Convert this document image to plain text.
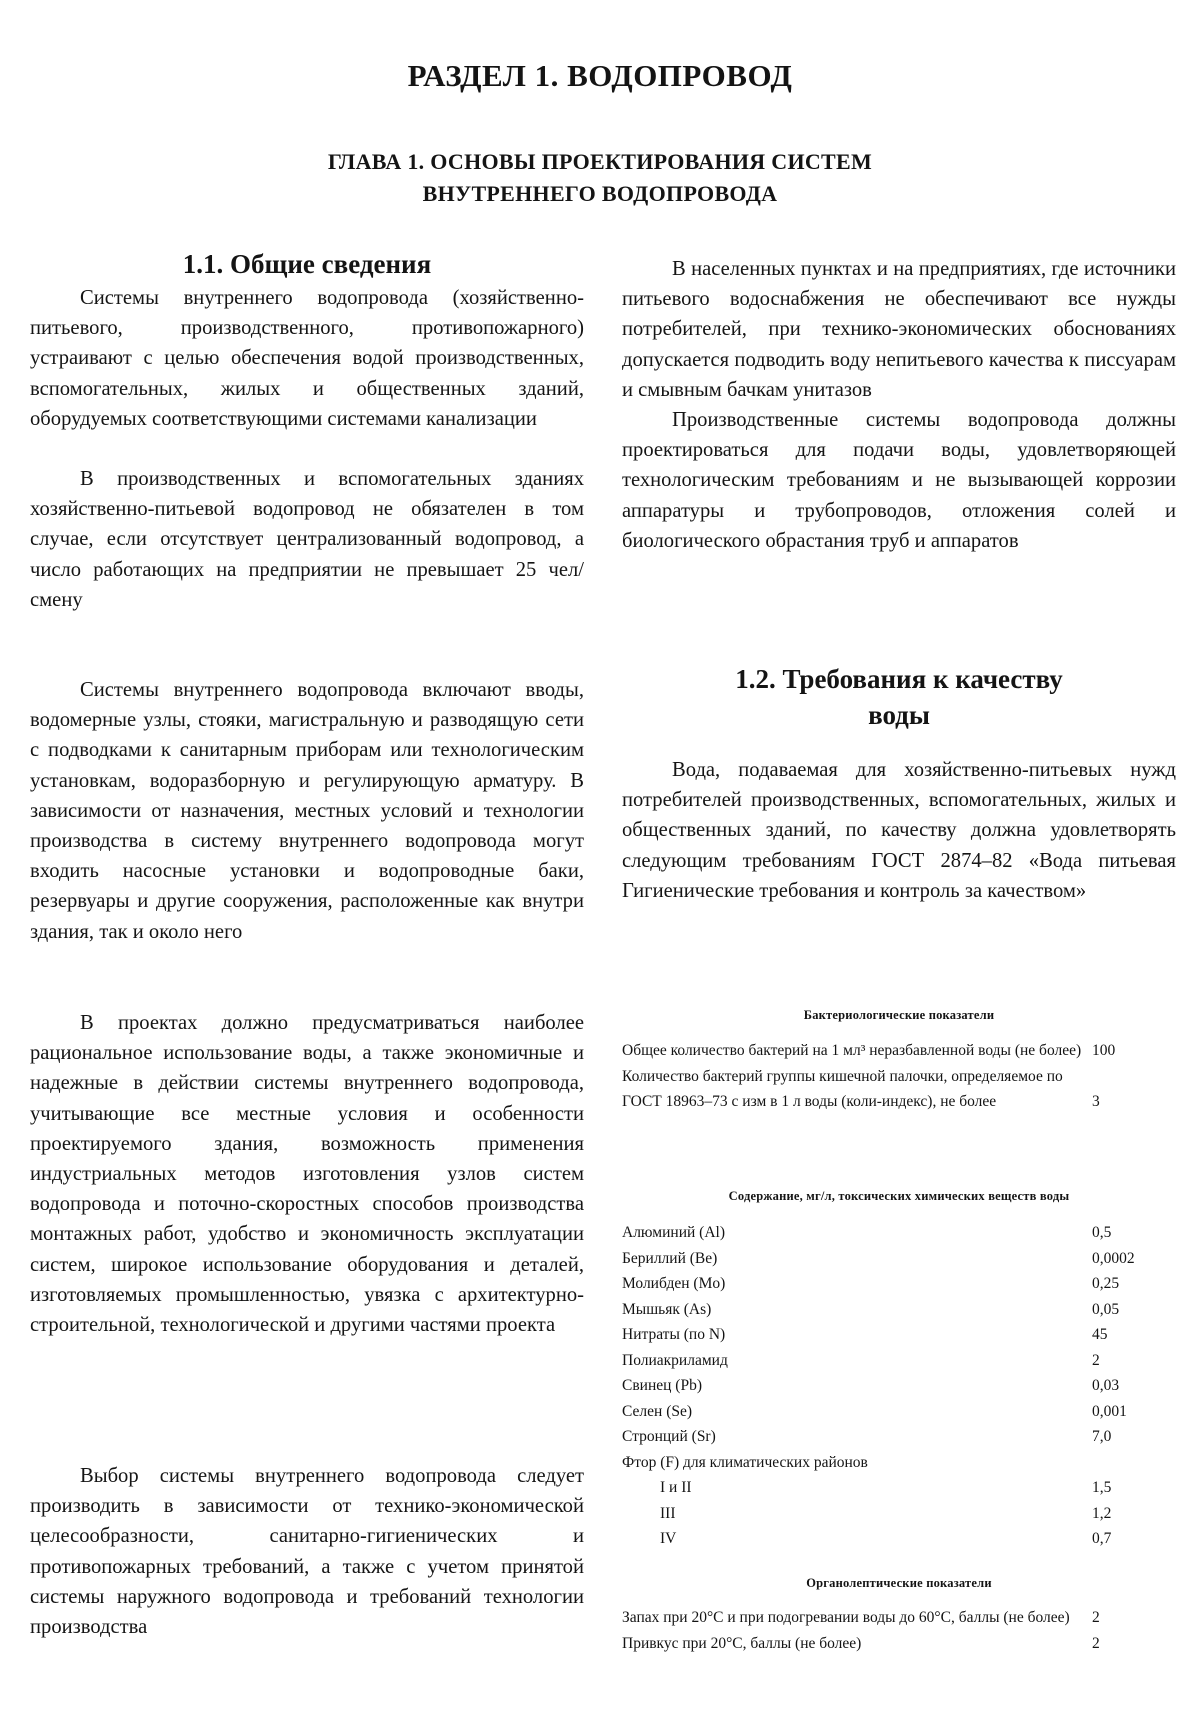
РАЗДЕЛ 1. ВОДОПРОВОД
ГЛАВА 1. ОСНОВЫ ПРОЕКТИРОВАНИЯ СИСТЕМ
ВНУТРЕННЕГО ВОДОПРОВОДА
1.1. Общие сведения

Системы внутреннего водопровода (хозяйственно-питьевого, производственного, противопожарного) устраивают с целью обеспечения водой производственных, вспомогательных, жилых и общественных зданий, оборудуемых соответствующими системами канализации

В производственных и вспомогательных зданиях хозяйственно-питьевой водопровод не обязателен в том случае, если отсутствует централизованный водопровод, а число работающих на предприятии не превышает 25 чел/смену

Системы внутреннего водопровода включают вводы, водомерные узлы, стояки, магистральную и разводящую сети с подводками к санитарным приборам или технологическим установкам, водоразборную и регулирующую арматуру. В зависимости от назначения, местных условий и технологии производства в систему внутреннего водопровода могут входить насосные установки и водопроводные баки, резервуары и другие сооружения, расположенные как внутри здания, так и около него

В проектах должно предусматриваться наиболее рациональное использование воды, а также экономичные и надежные в действии системы внутреннего водопровода, учитывающие все местные условия и особенности проектируемого здания, возможность применения индустриальных методов изготовления узлов систем водопровода и поточно-скоростных способов производства монтажных работ, удобство и экономичность эксплуатации систем, широкое использование оборудования и деталей, изготовляемых промышленностью, увязка с архитектурно-строительной, технологической и другими частями проекта

Выбор системы внутреннего водопровода следует производить в зависимости от технико-экономической целесообразности, санитарно-гигиенических и противопожарных требований, а также с учетом принятой системы наружного водопровода и требований технологии производства

В населенных пунктах и на предприятиях, где источники питьевого водоснабжения не обеспечивают все нужды потребителей, при технико-экономических обоснованиях допускается подводить воду непитьевого качества к писсуарам и смывным бачкам унитазов

Производственные системы водопровода должны проектироваться для подачи воды, удовлетворяющей технологическим требованиям и не вызывающей коррозии аппаратуры и трубопроводов, отложения солей и биологического обрастания труб и аппаратов

1.2. Требования к качеству
воды

Вода, подаваемая для хозяйственно-питьевых нужд потребителей производственных, вспомогательных, жилых и общественных зданий, по качеству должна удовлетворять следующим требованиям ГОСТ 2874–82 «Вода питьевая Гигиенические требования и контроль за качеством»

Бактериологические показатели
Общее количество бактерий на 1 мл³ неразбавленной воды (не более) 100
Количество бактерий группы кишечной палочки, определяемое по ГОСТ 18963–73 с изм в 1 л воды (коли-индекс), не более	3
Содержание, мг/л, токсических химических веществ воды
Алюминий (Al)	0,5
Бериллий (Be)	0,0002
Молибден (Mo)	0,25
Мышьяк (As)	0,05
Нитраты (по N)	45
Полиакриламид	2
Свинец (Pb)	0,03
Селен (Se)	0,001
Стронций (Sr)	7,0
Фтор (F) для климатических районов
I и II	1,5
III	1,2
IV	0,7
Органолептические показатели
Запах при 20°С и при подогревании воды до 60°С, баллы (не более)	2
Привкус при 20°С, баллы (не более)	2
